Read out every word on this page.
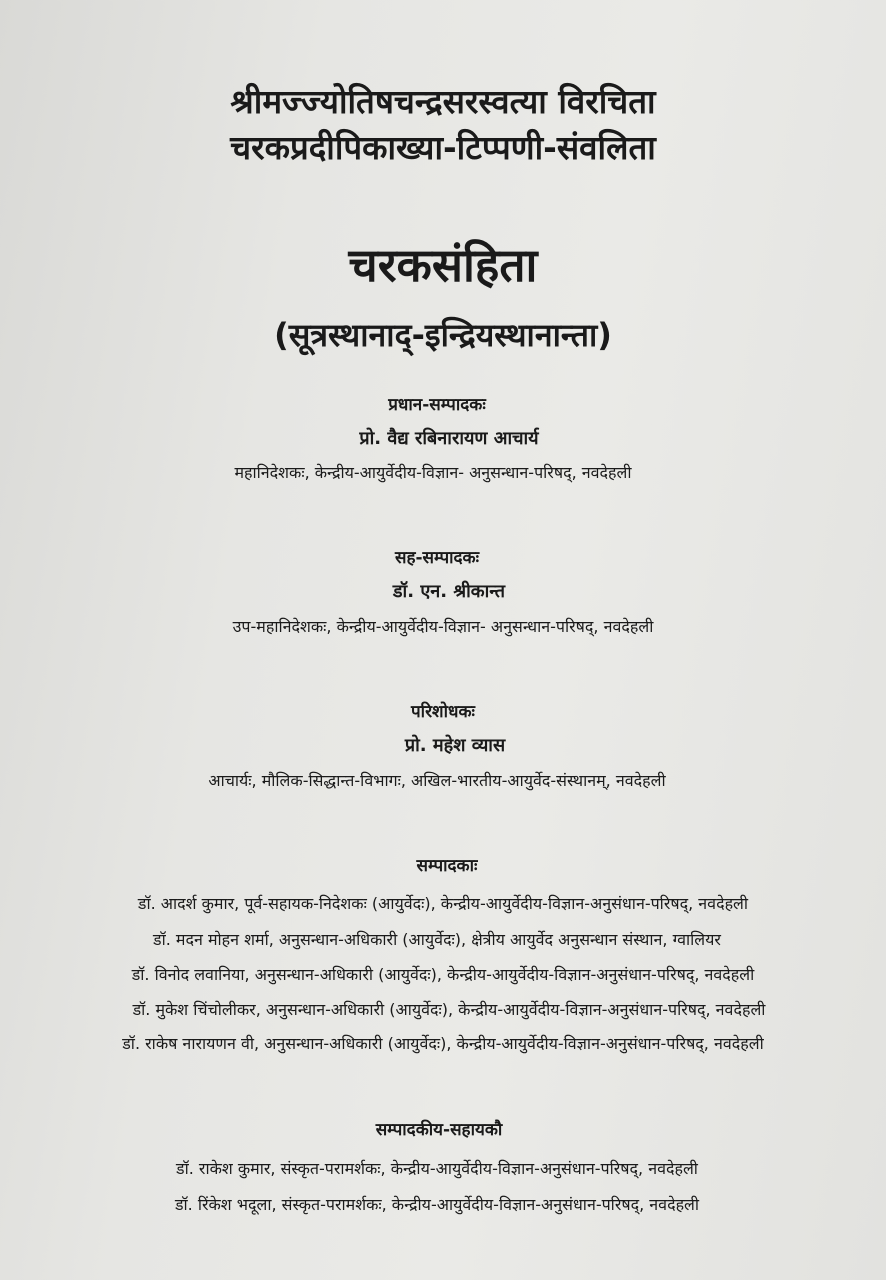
श्रीमज्ज्योतिषचन्द्रसरस्वत्या विरचिता
चरकप्रदीपिकाख्या-टिप्पणी-संवलिता
चरकसंहिता
(सूत्रस्थानाद्-इन्द्रियस्थानान्ता)
प्रधान-सम्पादकः
प्रो. वैद्य रबिनारायण आचार्य
महानिदेशकः, केन्द्रीय-आयुर्वेदीय-विज्ञान- अनुसन्धान-परिषद्, नवदेहली
सह-सम्पादकः
डॉ. एन. श्रीकान्त
उप-महानिदेशकः, केन्द्रीय-आयुर्वेदीय-विज्ञान- अनुसन्धान-परिषद्, नवदेहली
परिशोधकः
प्रो. महेश व्यास
आचार्यः, मौलिक-सिद्धान्त-विभागः, अखिल-भारतीय-आयुर्वेद-संस्थानम्, नवदेहली
सम्पादकाः
डॉ. आदर्श कुमार, पूर्व-सहायक-निदेशकः (आयुर्वेदः), केन्द्रीय-आयुर्वेदीय-विज्ञान-अनुसंधान-परिषद्, नवदेहली
डॉ. मदन मोहन शर्मा, अनुसन्धान-अधिकारी (आयुर्वेदः), क्षेत्रीय आयुर्वेद अनुसन्धान संस्थान, ग्वालियर
डॉ. विनोद लवानिया, अनुसन्धान-अधिकारी (आयुर्वेदः), केन्द्रीय-आयुर्वेदीय-विज्ञान-अनुसंधान-परिषद्, नवदेहली
डॉ. मुकेश चिंचोलीकर, अनुसन्धान-अधिकारी (आयुर्वेदः), केन्द्रीय-आयुर्वेदीय-विज्ञान-अनुसंधान-परिषद्, नवदेहली
डॉ. राकेष नारायणन वी, अनुसन्धान-अधिकारी (आयुर्वेदः), केन्द्रीय-आयुर्वेदीय-विज्ञान-अनुसंधान-परिषद्, नवदेहली
सम्पादकीय-सहायकौ
डॉ. राकेश कुमार, संस्कृत-परामर्शकः, केन्द्रीय-आयुर्वेदीय-विज्ञान-अनुसंधान-परिषद्, नवदेहली
डॉ. रिंकेश भदूला, संस्कृत-परामर्शकः, केन्द्रीय-आयुर्वेदीय-विज्ञान-अनुसंधान-परिषद्, नवदेहली
